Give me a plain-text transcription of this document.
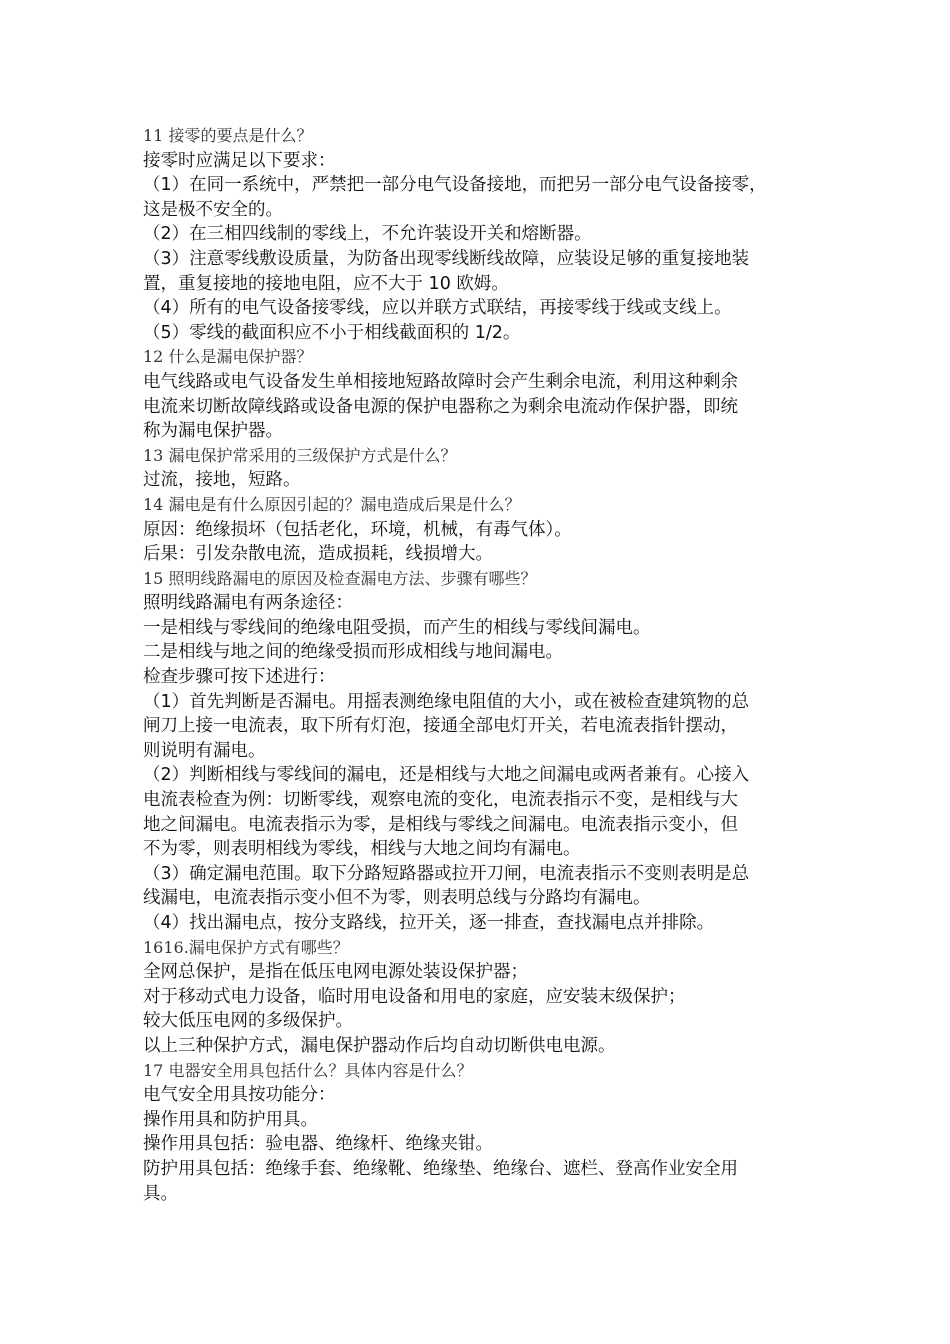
11 接零的要点是什么？
接零时应满足以下要求：
（1）在同一系统中，严禁把一部分电气设备接地，而把另一部分电气设备接零，
这是极不安全的。
（2）在三相四线制的零线上，不允许装设开关和熔断器。
（3）注意零线敷设质量，为防备出现零线断线故障，应装设足够的重复接地装
置，重复接地的接地电阻，应不大于 10 欧姆。
（4）所有的电气设备接零线，应以并联方式联结，再接零线于线或支线上。
（5）零线的截面积应不小于相线截面积的 1/2。
12 什么是漏电保护器？
电气线路或电气设备发生单相接地短路故障时会产生剩余电流，利用这种剩余
电流来切断故障线路或设备电源的保护电器称之为剩余电流动作保护器，即统
称为漏电保护器。
13 漏电保护常采用的三级保护方式是什么？
过流，接地，短路。
14 漏电是有什么原因引起的？漏电造成后果是什么？
原因：绝缘损坏（包括老化，环境，机械，有毒气体）。
后果：引发杂散电流，造成损耗，线损增大。
15 照明线路漏电的原因及检查漏电方法、步骤有哪些？
照明线路漏电有两条途径：
一是相线与零线间的绝缘电阻受损，而产生的相线与零线间漏电。
二是相线与地之间的绝缘受损而形成相线与地间漏电。
检查步骤可按下述进行：
（1）首先判断是否漏电。用摇表测绝缘电阻值的大小，或在被检查建筑物的总
闸刀上接一电流表，取下所有灯泡，接通全部电灯开关，若电流表指针摆动，
则说明有漏电。
（2）判断相线与零线间的漏电，还是相线与大地之间漏电或两者兼有。心接入
电流表检查为例：切断零线，观察电流的变化，电流表指示不变，是相线与大
地之间漏电。电流表指示为零，是相线与零线之间漏电。电流表指示变小，但
不为零，则表明相线为零线，相线与大地之间均有漏电。
（3）确定漏电范围。取下分路短路器或拉开刀闸，电流表指示不变则表明是总
线漏电，电流表指示变小但不为零，则表明总线与分路均有漏电。
（4）找出漏电点，按分支路线，拉开关，逐一排查，查找漏电点并排除。
1616.漏电保护方式有哪些？
全网总保护，是指在低压电网电源处装设保护器；
对于移动式电力设备，临时用电设备和用电的家庭，应安装末级保护；
较大低压电网的多级保护。
以上三种保护方式，漏电保护器动作后均自动切断供电电源。
17 电器安全用具包括什么？具体内容是什么？
电气安全用具按功能分：
操作用具和防护用具。
操作用具包括：验电器、绝缘杆、绝缘夹钳。
防护用具包括：绝缘手套、绝缘靴、绝缘垫、绝缘台、遮栏、登高作业安全用
具。
